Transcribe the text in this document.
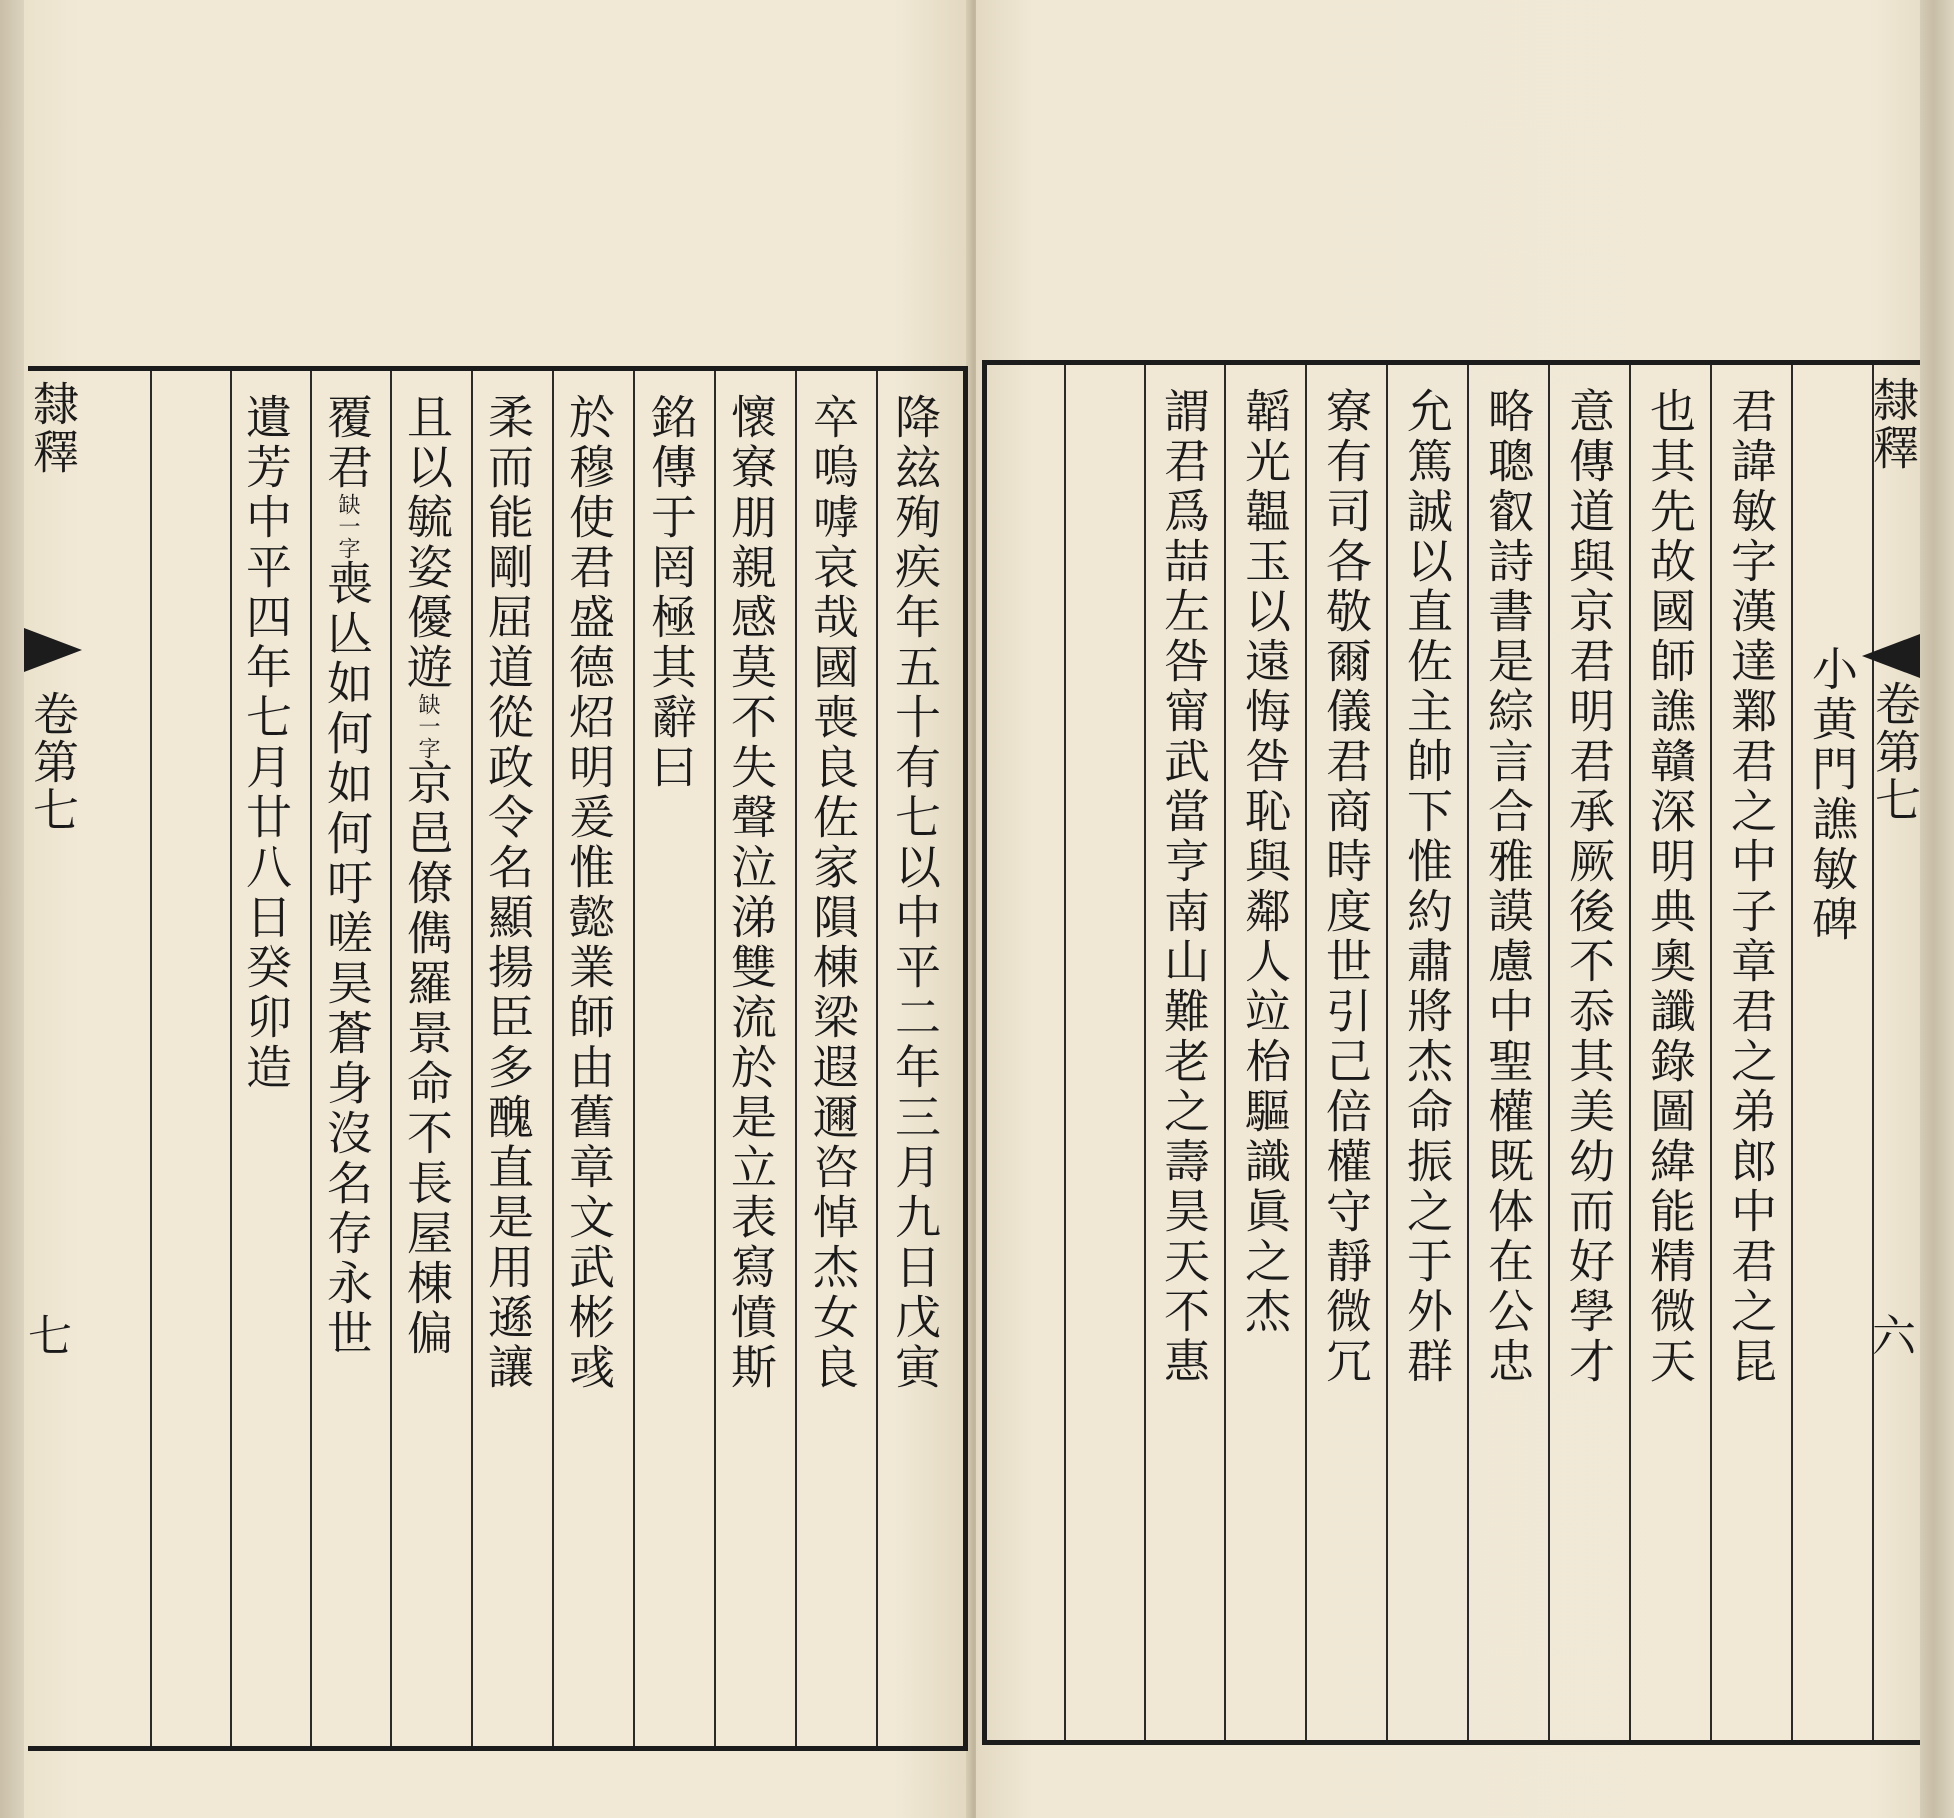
降玆殉疾年五十有七以中平二年三月九日戊寅
卒嗚嘑哀哉國喪良佐家隕棟梁遐邇咨悼杰女良
懷寮朋親感莫不失聲泣涕雙流於是立表寫憤斯
銘傳于罔極其辭曰
於穆使君盛德炤明爰惟懿業師由舊章文武彬彧
柔而能剛屈道從政令名顯揚臣多醜直是用遜讓
且以毓姿優遊缺一字京邑僚儁羅景命不長屋棟偏
覆君缺一字喪亾如何如何吁嗟昊蒼身沒名存永世
遺芳中平四年七月廿八日癸卯造
隸釋
卷第七
七
小黄門譙敏碑
君諱敏字漢達鄴君之中子章君之弟郎中君之昆
也其先故國師譙贛深明典奧讖錄圖緯能精微天
意傳道與京君明君承厥後不忝其美幼而好學才
略聰叡詩書是綜言合雅謨慮中聖權既体在公忠
允篤誠以直佐主帥下惟約肅將杰命振之于外群
寮有司各敬爾儀君商時度世引己倍權守靜微冗
韜光韞玉以遠悔咎恥與鄰人竝枱驅識眞之杰
謂君爲喆左咎甯武當亨南山難老之壽昊天不惠	隸釋
卷第七
六
